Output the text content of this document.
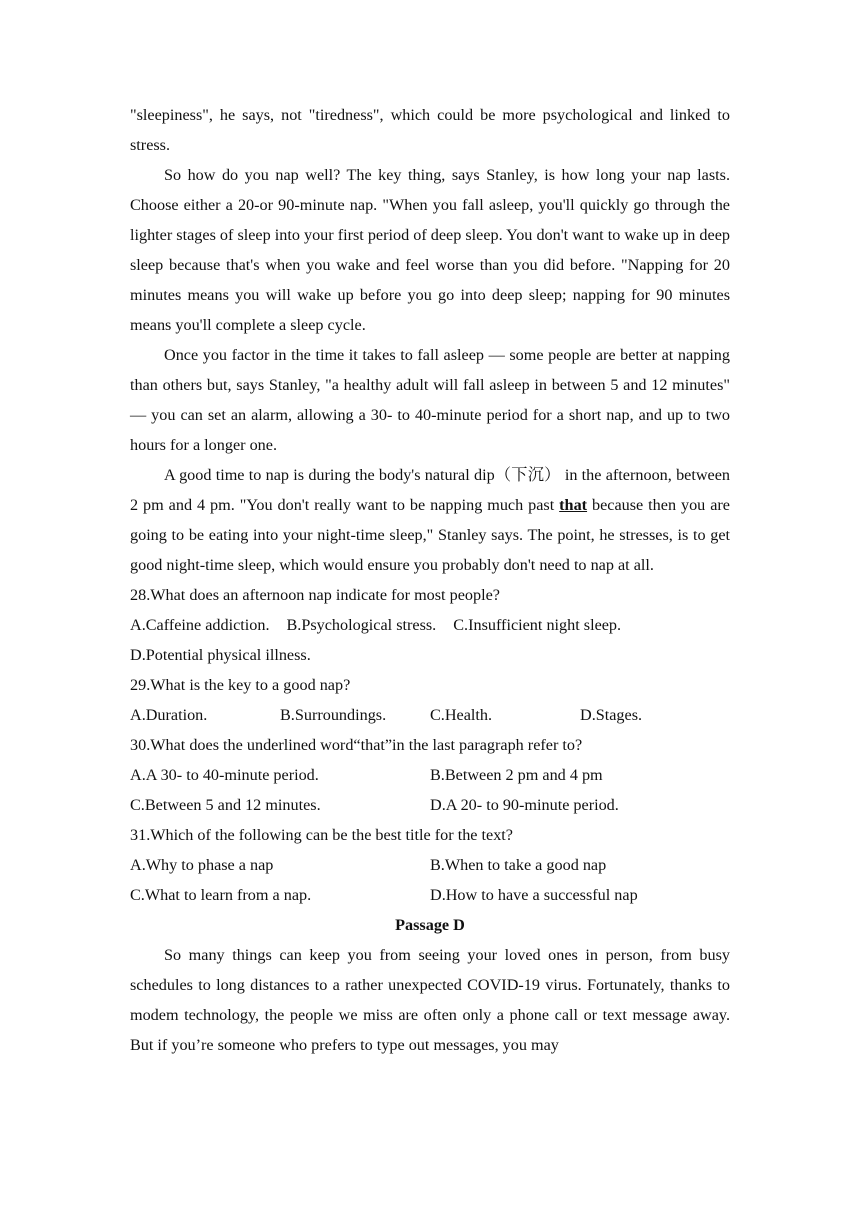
"sleepiness", he says, not "tiredness", which could be more psychological and linked to stress.

So how do you nap well? The key thing, says Stanley, is how long your nap lasts. Choose either a 20-or 90-minute nap. "When you fall asleep, you'll quickly go through the lighter stages of sleep into your first period of deep sleep. You don't want to wake up in deep sleep because that's when you wake and feel worse than you did before. "Napping for 20 minutes means you will wake up before you go into deep sleep; napping for 90 minutes means you'll complete a sleep cycle.

Once you factor in the time it takes to fall asleep — some people are better at napping than others but, says Stanley, "a healthy adult will fall asleep in between 5 and 12 minutes" — you can set an alarm, allowing a 30- to 40-minute period for a short nap, and up to two hours for a longer one.

A good time to nap is during the body's natural dip（下沉） in the afternoon, between 2 pm and 4 pm. "You don't really want to be napping much past that because then you are going to be eating into your night-time sleep," Stanley says. The point, he stresses, is to get good night-time sleep, which would ensure you probably don't need to nap at all.

28.What does an afternoon nap indicate for most people?

A.Caffeine addiction. B.Psychological stress. C.Insufficient night sleep.

D.Potential physical illness.

29.What is the key to a good nap?

A.Duration.	B.Surroundings.	C.Health.	D.Stages.

30.What does the underlined word“that”in the last paragraph refer to?

A.A 30- to 40-minute period.	B.Between 2 pm and 4 pm
C.Between 5 and 12 minutes.	D.A 20- to 90-minute period.

31.Which of the following can be the best title for the text?

A.Why to phase a nap	B.When to take a good nap
C.What to learn from a nap.	D.How to have a successful nap

Passage D

So many things can keep you from seeing your loved ones in person, from busy schedules to long distances to a rather unexpected COVID-19 virus. Fortunately, thanks to modem technology, the people we miss are often only a phone call or text message away. But if you’re someone who prefers to type out messages, you may
